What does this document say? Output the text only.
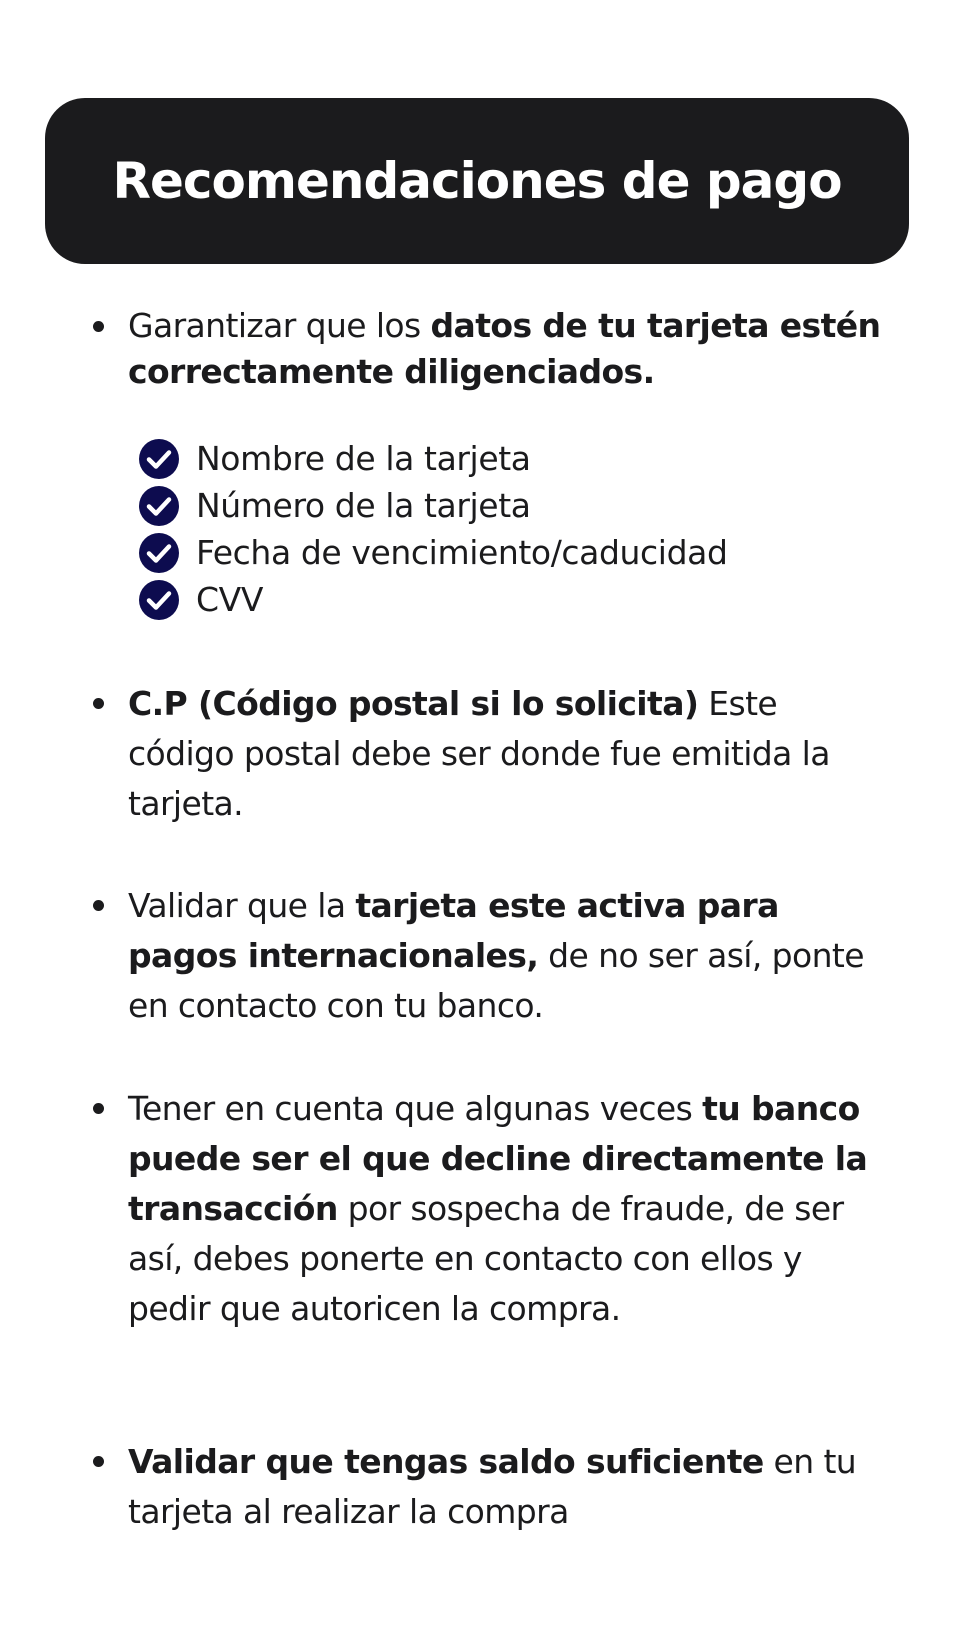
Recomendaciones de pago
Garantizar que los datos de tu tarjeta estén correctamente diligenciados.
Nombre de la tarjeta
Número de la tarjeta
Fecha de vencimiento/caducidad
CVV
C.P (Código postal si lo solicita) Este código postal debe ser donde fue emitida la tarjeta.
Validar que la tarjeta este activa para pagos internacionales, de no ser así, ponte en contacto con tu banco.
Tener en cuenta que algunas veces tu banco puede ser el que decline directamente la transacción por sospecha de fraude, de ser así, debes ponerte en contacto con ellos y pedir que autoricen la compra.
Validar que tengas saldo suficiente en tu tarjeta al realizar la compra
